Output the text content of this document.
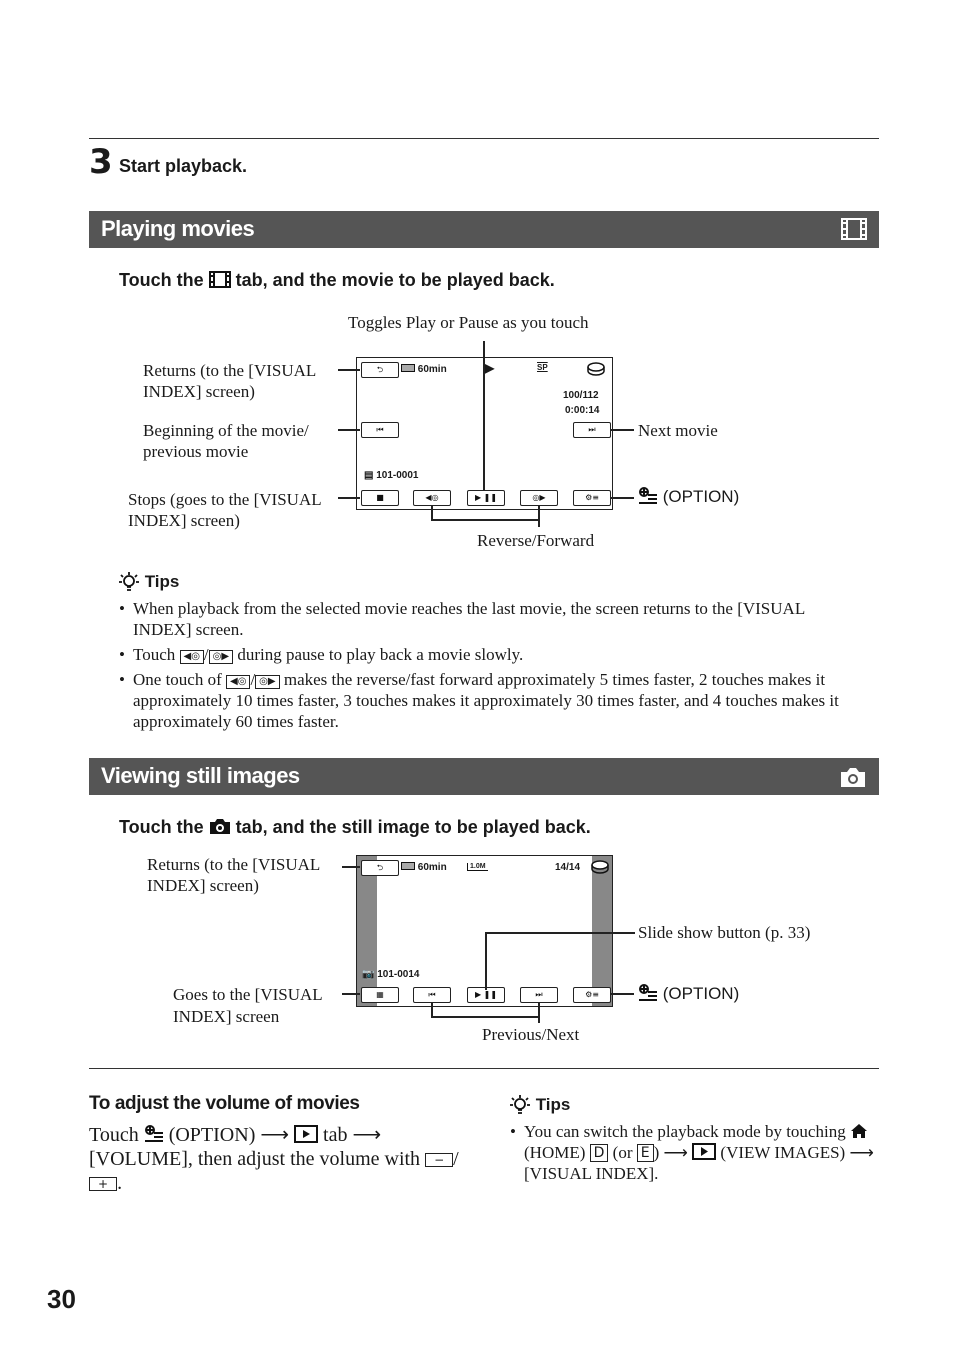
3 Start playback.
Playing movies
Touch the  tab, and the movie to be played back.
Toggles Play or Pause as you touch
Returns (to the [VISUAL
INDEX] screen)
Beginning of the movie/
previous movie
Stops (goes to the [VISUAL
INDEX] screen)
Next movie
(OPTION)
Reverse/Forward
⮌	60min	▶	SP
100/112
0:00:14
⏮	⏭
▤ 101-0001
■	◀◎	▶ ❚❚	◎▶	⚙≡
Tips
• When playback from the selected movie reaches the last movie, the screen returns to the [VISUAL INDEX] screen.
• Touch ◀◎ / ◎▶ during pause to play back a movie slowly.
• One touch of ◀◎ / ◎▶ makes the reverse/fast forward approximately 5 times faster, 2 touches makes it approximately 10 times faster, 3 touches makes it approximately 30 times faster, and 4 touches makes it approximately 60 times faster.
Viewing still images
Touch the  tab, and the still image to be played back.
Returns (to the [VISUAL
INDEX] screen)
Slide show button (p. 33)
Goes to the [VISUAL
INDEX] screen
(OPTION)
Previous/Next
⮌	60min	1.0M	14/14
📷 101-0014
▦	⏮	▶ ❚❚	⏭	⚙≡
To adjust the volume of movies
Touch (OPTION) ⟶ tab ⟶ [VOLUME], then adjust the volume with − /+ .
Tips
• You can switch the playback mode by touching  (HOME) D (or E ) ⟶ (VIEW IMAGES) ⟶ [VISUAL INDEX].
30
